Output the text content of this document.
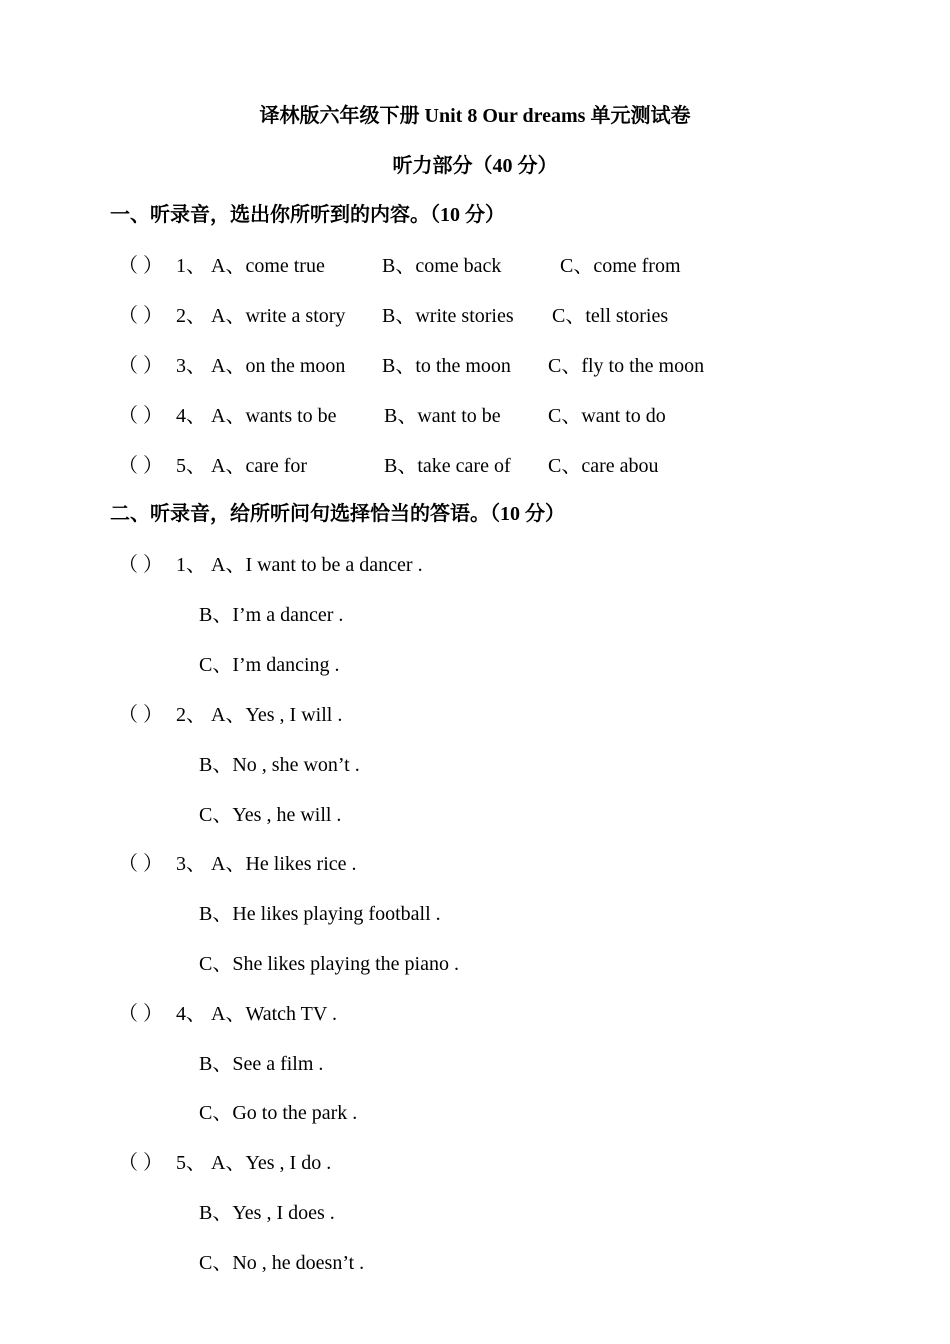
译林版六年级下册 Unit 8 Our dreams 单元测试卷
听力部分（40 分）
一、听录音，选出你所听到的内容。（10 分）
（ ） 1、 A、come true	B、come back	C、come from
（ ） 2、 A、write a story B、write stories C、tell stories
（ ） 3、 A、on the moon B、to the moon C、fly to the moon
（ ） 4、 A、wants to be B、want to be C、want to do
（ ） 5、 A、care for	B、take care of C、care abou
二、听录音，给所听问句选择恰当的答语。（10 分）
（ ） 1、 A、I want to be a dancer .
B、I’m a dancer .
C、I’m dancing .
（ ） 2、 A、Yes , I will .
B、No , she won’t .
C、Yes , he will .
（ ） 3、 A、He likes rice .
B、He likes playing football .
C、She likes playing the piano .
（ ） 4、 A、Watch TV .
B、See a film .
C、Go to the park .
（ ） 5、 A、Yes , I do .
B、Yes , I does .
C、No , he doesn’t .
